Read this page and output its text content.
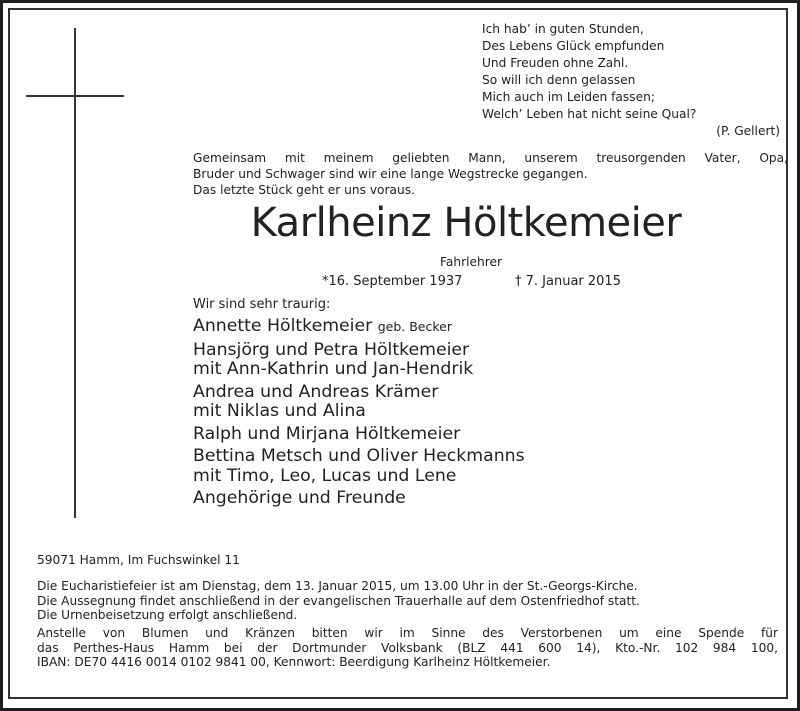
Ich hab’ in guten Stunden,
Des Lebens Glück empfunden
Und Freuden ohne Zahl.
So will ich denn gelassen
Mich auch im Leiden fassen;
Welch’ Leben hat nicht seine Qual?
(P. Gellert)
Gemeinsam mit meinem geliebten Mann, unserem treusorgenden Vater, Opa,
Bruder und Schwager sind wir eine lange Wegstrecke gegangen.
Das letzte Stück geht er uns voraus.
Karlheinz Höltkemeier
Fahrlehrer
*16. September 1937	† 7. Januar 2015
Wir sind sehr traurig:
Annette Höltkemeier geb. Becker
Hansjörg und Petra Höltkemeier
mit Ann-Kathrin und Jan-Hendrik
Andrea und Andreas Krämer
mit Niklas und Alina
Ralph und Mirjana Höltkemeier
Bettina Metsch und Oliver Heckmanns
mit Timo, Leo, Lucas und Lene
Angehörige und Freunde
59071 Hamm, Im Fuchswinkel 11
Die Eucharistiefeier ist am Dienstag, dem 13. Januar 2015, um 13.00 Uhr in der St.-Georgs-Kirche.
Die Aussegnung findet anschließend in der evangelischen Trauerhalle auf dem Ostenfriedhof statt.
Die Urnenbeisetzung erfolgt anschließend.
Anstelle von Blumen und Kränzen bitten wir im Sinne des Verstorbenen um eine Spende für
das Perthes-Haus Hamm bei der Dortmunder Volksbank (BLZ 441 600 14), Kto.-Nr. 102 984 100,
IBAN: DE70 4416 0014 0102 9841 00, Kennwort: Beerdigung Karlheinz Höltkemeier.
